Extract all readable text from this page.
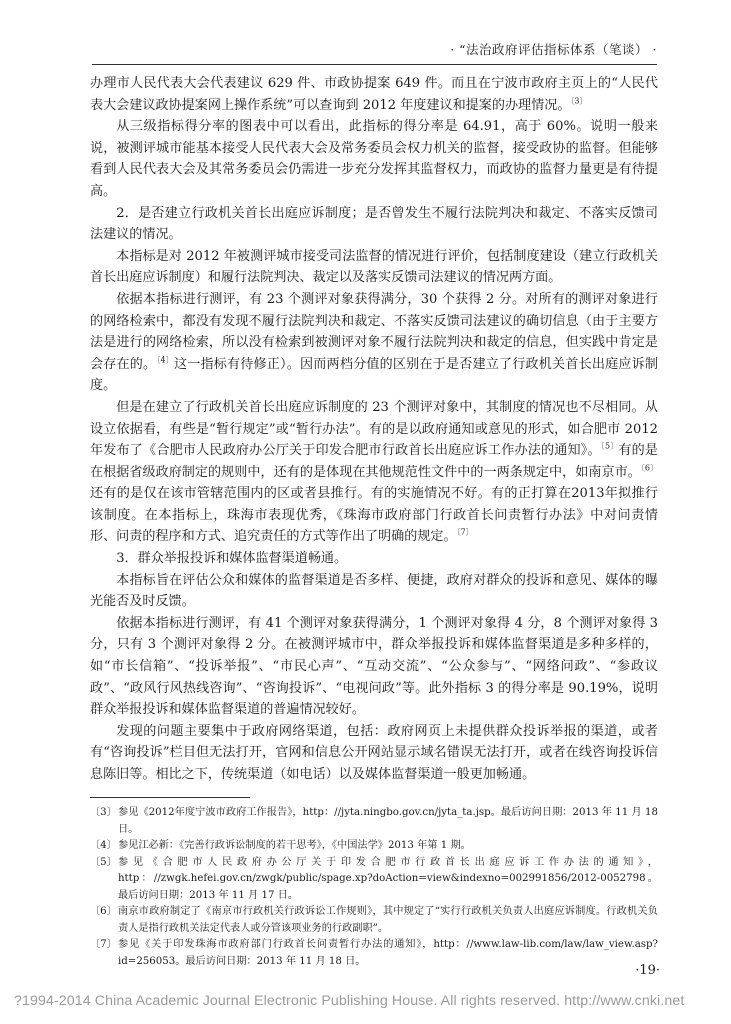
· “法治政府评估指标体系（笔谈） ·

办理市人民代表大会代表建议 629 件、市政协提案 649 件。而且在宁波市政府主页上的“人民代表大会建议政协提案网上操作系统”可以查询到 2012 年度建议和提案的办理情况。$^{〔3〕}$

从三级指标得分率的图表中可以看出，此指标的得分率是 64.91，高于 60%。说明一般来说，被测评城市能基本接受人民代表大会及常务委员会权力机关的监督，接受政协的监督。但能够看到人民代表大会及其常务委员会仍需进一步充分发挥其监督权力，而政协的监督力量更是有待提高。

2．是否建立行政机关首长出庭应诉制度；是否曾发生不履行法院判决和裁定、不落实反馈司法建议的情况。

本指标是对 2012 年被测评城市接受司法监督的情况进行评价，包括制度建设（建立行政机关首长出庭应诉制度）和履行法院判决、裁定以及落实反馈司法建议的情况两方面。

依据本指标进行测评，有 23 个测评对象获得满分，30 个获得 2 分。对所有的测评对象进行的网络检索中，都没有发现不履行法院判决和裁定、不落实反馈司法建议的确切信息（由于主要方法是进行的网络检索，所以没有检索到被测评对象不履行法院判决和裁定的信息，但实践中肯定是会存在的。$^{〔4〕}$这一指标有待修正）。因而两档分值的区别在于是否建立了行政机关首长出庭应诉制度。

但是在建立了行政机关首长出庭应诉制度的 23 个测评对象中，其制度的情况也不尽相同。从设立依据看，有些是“暂行规定”或“暂行办法”。有的是以政府通知或意见的形式，如合肥市 2012 年发布了《合肥市人民政府办公厅关于印发合肥市行政首长出庭应诉工作办法的通知》。$^{〔5〕}$有的是在根据省级政府制定的规则中，还有的是体现在其他规范性文件中的一两条规定中，如南京市。$^{〔6〕}$还有的是仅在该市管辖范围内的区或者县推行。有的实施情况不好。有的正打算在2013年拟推行该制度。在本指标上，珠海市表现优秀，《珠海市政府部门行政首长问责暂行办法》中对问责情形、问责的程序和方式、追究责任的方式等作出了明确的规定。$^{〔7〕}$

3．群众举报投诉和媒体监督渠道畅通。

本指标旨在评估公众和媒体的监督渠道是否多样、便捷，政府对群众的投诉和意见、媒体的曝光能否及时反馈。

依据本指标进行测评，有 41 个测评对象获得满分，1 个测评对象得 4 分，8 个测评对象得 3 分，只有 3 个测评对象得 2 分。在被测评城市中，群众举报投诉和媒体监督渠道是多种多样的，如“市长信箱”、“投诉举报”、“市民心声”、“互动交流”、“公众参与”、“网络问政”、“参政议政”、“政风行风热线咨询”、“咨询投诉”、“电视问政”等。此外指标 3 的得分率是 90.19%，说明群众举报投诉和媒体监督渠道的普遍情况较好。

发现的问题主要集中于政府网络渠道，包括：政府网页上未提供群众投诉举报的渠道，或者有“咨询投诉”栏目但无法打开，官网和信息公开网站显示域名错误无法打开，或者在线咨询投诉信息陈旧等。相比之下，传统渠道（如电话）以及媒体监督渠道一般更加畅通。

〔3〕 参见《2012年度宁波市政府工作报告》，http：//jyta.ningbo.gov.cn/jyta_ta.jsp。最后访问日期：2013 年 11 月 18 日。
〔4〕 参见江必新：《完善行政诉讼制度的若干思考》，《中国法学》2013 年第 1 期。
〔5〕 参见《合肥市人民政府办公厅关于印发合肥市行政首长出庭应诉工作办法的通知》，http：//zwgk.hefei.gov.cn/zwgk/public/spage.xp?doAction=view&indexno=002991856/2012-0052798。最后访问日期：2013 年 11 月 17 日。
〔6〕 南京市政府制定了《南京市行政机关行政诉讼工作规则》，其中规定了“实行行政机关负责人出庭应诉制度。行政机关负责人是指行政机关法定代表人或分管该项业务的行政副职”。
〔7〕 参见《关于印发珠海市政府部门行政首长问责暂行办法的通知》，http：//www.law-lib.com/law/law_view.asp?id=256053。最后访问日期：2013 年 11 月 18 日。
·19·
?1994-2014 China Academic Journal Electronic Publishing House. All rights reserved. http://www.cnki.net
